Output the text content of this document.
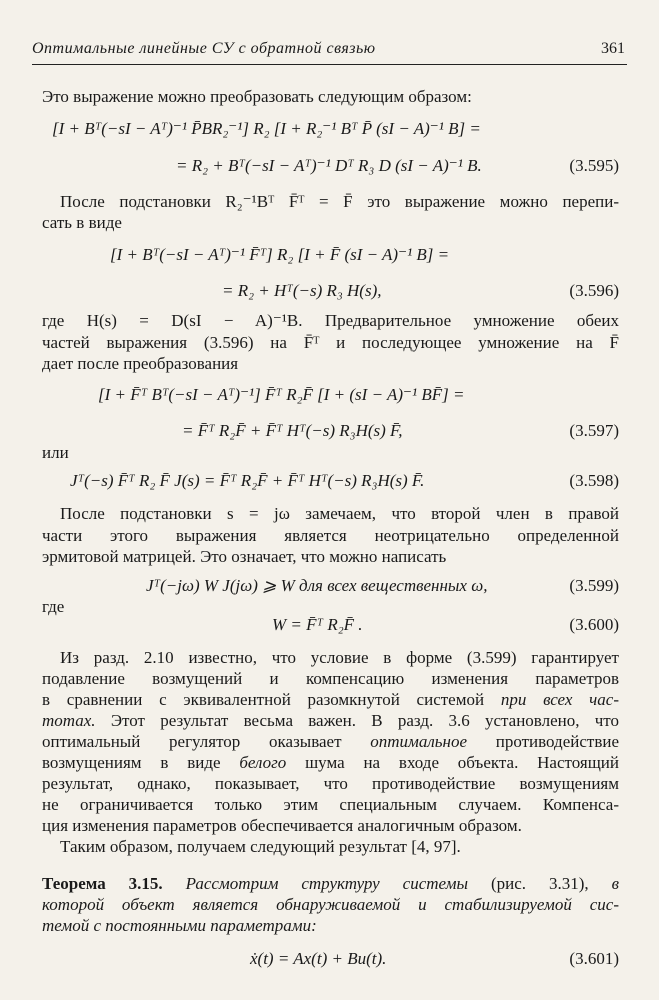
Оптимальные линейные СУ с обратной связью	361
Это выражение можно преобразовать следующим образом:
[I + Bᵀ(−sI − Aᵀ)⁻¹ P̄BR₂⁻¹] R₂ [I + R₂⁻¹ Bᵀ P̄ (sI − A)⁻¹ B] =
= R₂ + Bᵀ(−sI − Aᵀ)⁻¹ Dᵀ R₃ D (sI − A)⁻¹ B.	(3.595)
После подстановки R₂⁻¹Bᵀ F̄ᵀ = F̄ это выражение можно перепи-
сать в виде
[I + Bᵀ(−sI − Aᵀ)⁻¹ F̄ᵀ] R₂ [I + F̄ (sI − A)⁻¹ B] =
= R₂ + Hᵀ(−s) R₃ H(s),	(3.596)
где H(s) = D(sI − A)⁻¹B. Предварительное умножение обеих
частей выражения (3.596) на F̄ᵀ и последующее умножение на F̄
дает после преобразования
[I + F̄ᵀ Bᵀ(−sI − Aᵀ)⁻¹] F̄ᵀ R₂F̄ [I + (sI − A)⁻¹ BF̄] =
= F̄ᵀ R₂F̄ + F̄ᵀ Hᵀ(−s) R₃H(s) F̄,	(3.597)
или
Jᵀ(−s) F̄ᵀ R₂ F̄ J(s) = F̄ᵀ R₂F̄ + F̄ᵀ Hᵀ(−s) R₃H(s) F̄.	(3.598)
После подстановки s = jω замечаем, что второй член в правой
части этого выражения является неотрицательно определенной
эрмитовой матрицей. Это означает, что можно написать
Jᵀ(−jω) W J(jω) ⩾ W для всех вещественных ω,	(3.599)
где
W = F̄ᵀ R₂F̄ .	(3.600)
Из разд. 2.10 известно, что условие в форме (3.599) гарантирует
подавление возмущений и компенсацию изменения параметров
в сравнении с эквивалентной разомкнутой системой при всех час-
тотах. Этот результат весьма важен. В разд. 3.6 установлено, что
оптимальный регулятор оказывает оптимальное противодействие
возмущениям в виде белого шума на входе объекта. Настоящий
результат, однако, показывает, что противодействие возмущениям
не ограничивается только этим специальным случаем. Компенса-
ция изменения параметров обеспечивается аналогичным образом.
Таким образом, получаем следующий результат [4, 97].
Теорема 3.15. Рассмотрим структуру системы (рис. 3.31), в
которой объект является обнаруживаемой и стабилизируемой сис-
темой с постоянными параметрами:
ẋ(t) = Ax(t) + Bu(t).	(3.601)
